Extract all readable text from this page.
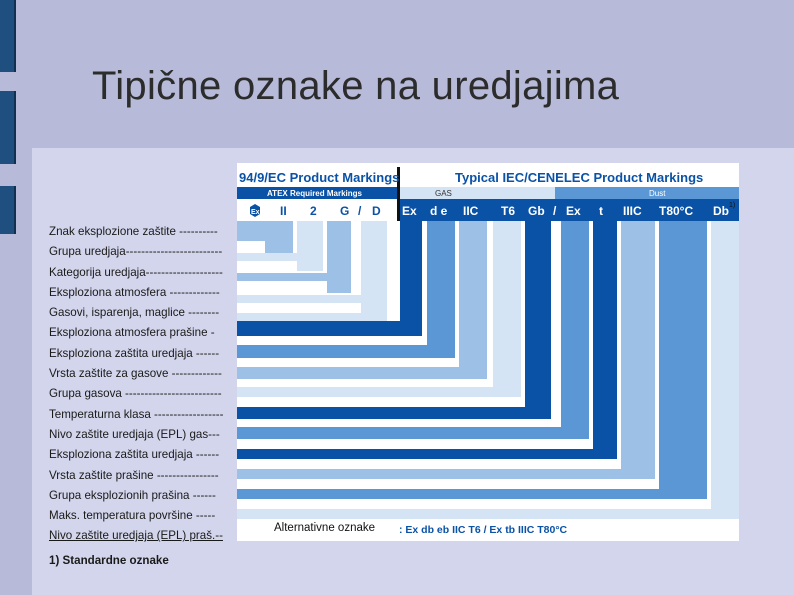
Tipične oznake na uredjajima
Znak eksplozione zaštite ----------
Grupa uredjaja-------------------------
Kategorija uredjaja--------------------
Eksploziona atmosfera -------------
Gasovi, isparenja, maglice --------
Eksploziona atmosfera prašine -
Eksploziona zaštita uredjaja ------
Vrsta zaštite za gasove -------------
Grupa gasova -------------------------
Temperaturna klasa ------------------
Nivo zaštite uredjaja (EPL) gas---
Eksploziona zaštita uredjaja ------
Vrsta zaštite prašine ----------------
Grupa eksplozionih prašina ------
Maks. temperatura površine -----
Nivo zaštite uredjaja (EPL) praš.--
1) Standardne oznake
94/9/EC Product Markings	Typical IEC/CENELEC Product Markings
ATEX Required Markings	GAS	Dust
Ex II 2 G / D Ex d e IIC T6 Gb / Ex t IIIC T80°C Db 1)
: Ex db eb IIC T6 / Ex tb IIIC T80°C
Alternativne oznake
